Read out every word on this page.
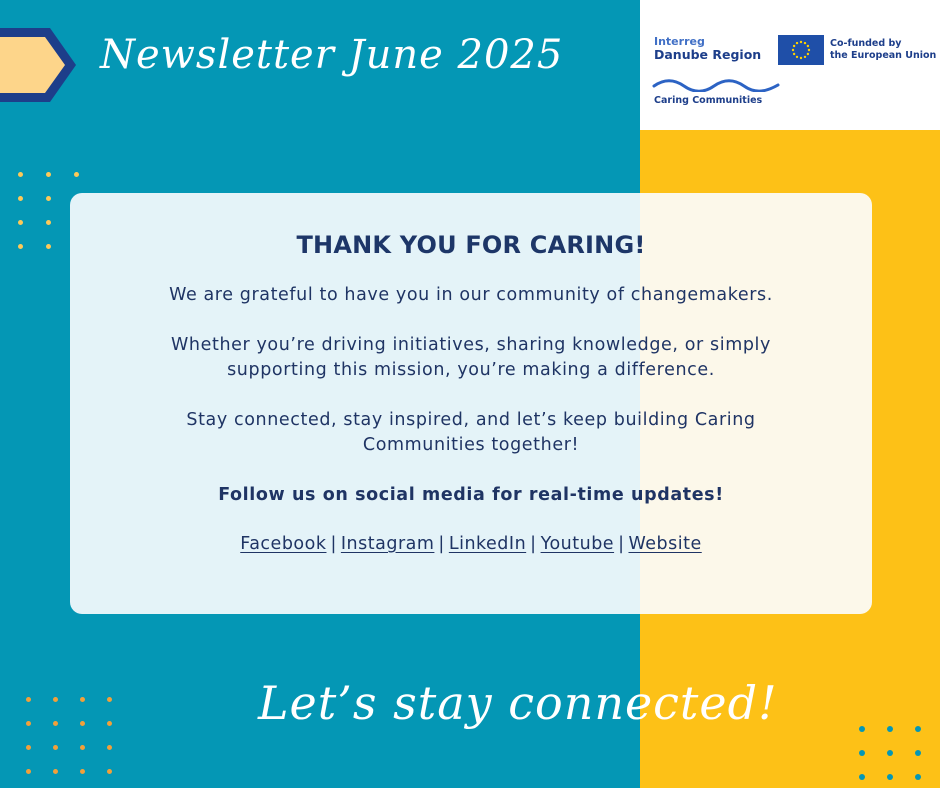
Newsletter June 2025	Interreg
Danube Region
Co-funded by
the European Union
Caring Communities
THANK YOU FOR CARING!

We are grateful to have you in our community of changemakers.

Whether you’re driving initiatives, sharing knowledge, or simply supporting this mission, you’re making a difference.

Stay connected, stay inspired, and let’s keep building Caring Communities together!

Follow us on social media for real-time updates!

Facebook | Instagram | LinkedIn | Youtube | Website
Let’s stay connected!
